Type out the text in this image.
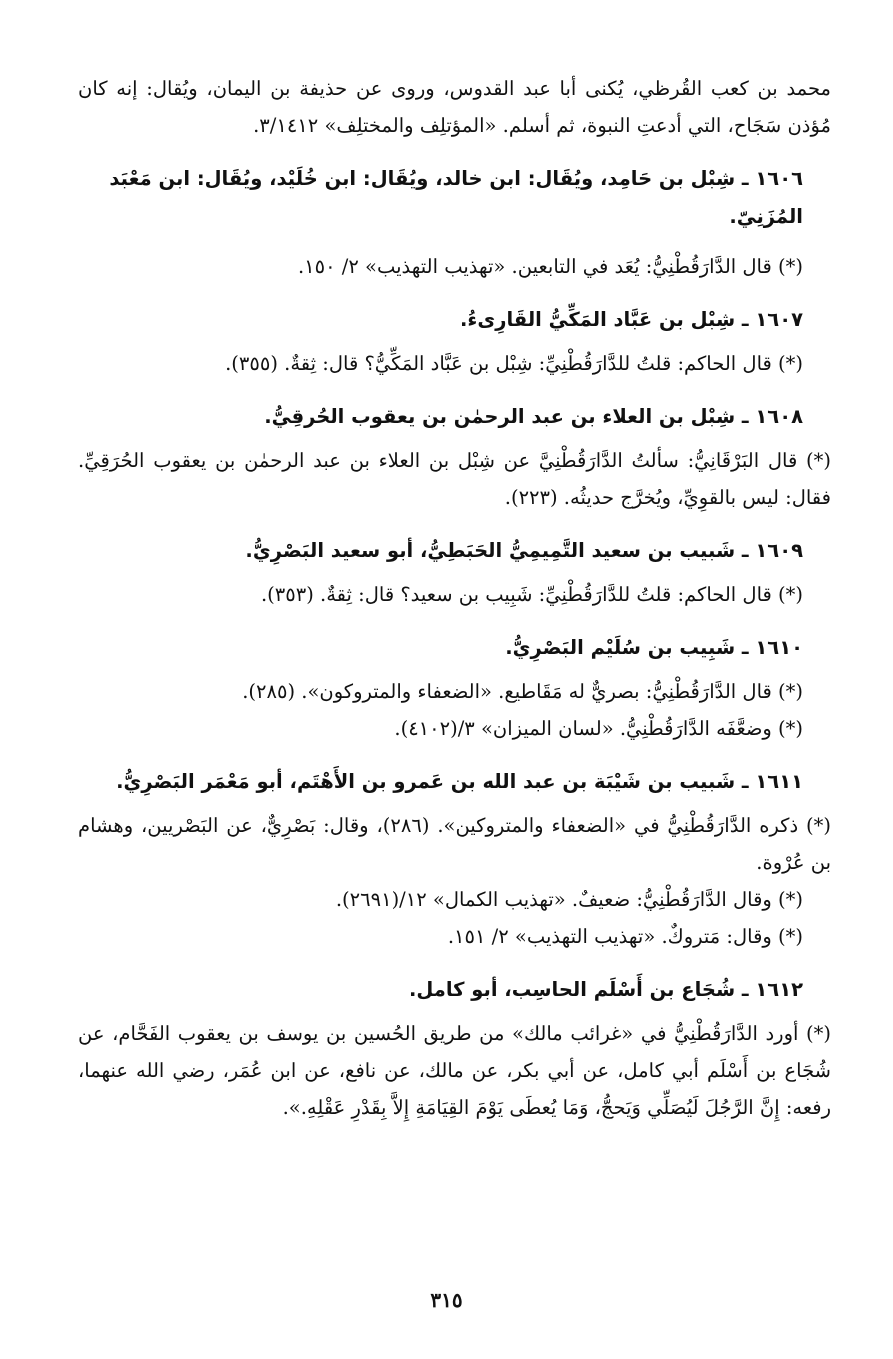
محمد بن كعب القُرظي، يُكنى أبا عبد القدوس، وروى عن حذيفة بن اليمان، ويُقال: إنه كان مُؤذن سَجَاح، التي أدعتِ النبوة، ثم أسلم. «المؤتلِف والمختلِف» ٣/١٤١٢.
١٦٠٦ ـ شِبْل بن حَامِد، ويُقَال: ابن خالد، ويُقَال: ابن خُلَيْد، ويُقَال: ابن مَعْبَد المُزَنِيّ.
(*) قال الدَّارَقُطْنِيُّ: يُعَد في التابعين. «تهذيب التهذيب» ٢/ ١٥٠.
١٦٠٧ ـ شِبْل بن عَبَّاد المَكِّيُّ القَارِىءُ.
(*) قال الحاكم: قلتُ للدَّارَقُطْنِيِّ: شِبْل بن عَبَّاد المَكِّيُّ؟ قال: ثِقةٌ. (٣٥٥).
١٦٠٨ ـ شِبْل بن العلاء بن عبد الرحمٰن بن يعقوب الحُرقِيُّ.
(*) قال البَرْقَانِيُّ: سألتُ الدَّارَقُطْنِيَّ عن شِبْل بن العلاء بن عبد الرحمٰن بن يعقوب الحُرَقِيِّ. فقال: ليس بالقوِيِّ، ويُخرَّج حديثُه. (٢٢٣).
١٦٠٩ ـ شَبيب بن سعيد التَّمِيمِيُّ الحَبَطِيُّ، أبو سعيد البَصْرِيُّ.
(*) قال الحاكم: قلتُ للدَّارَقُطْنِيِّ: شَبِيب بن سعيد؟ قال: ثِقةٌ. (٣٥٣).
١٦١٠ ـ شَبِيب بن سُلَيْم البَصْرِيُّ.
(*) قال الدَّارَقُطْنِيُّ: بصريٌّ له مَقَاطيع. «الضعفاء والمتروكون». (٢٨٥).
(*) وضعَّفَه الدَّارَقُطْنِيُّ. «لسان الميزان» ٣/(٤١٠٢).
١٦١١ ـ شَبيب بن شَيْبَة بن عبد الله بن عَمرو بن الأَهْتَم، أبو مَعْمَر البَصْرِيُّ.
(*) ذكره الدَّارَقُطْنِيُّ في «الضعفاء والمتروكين». (٢٨٦)، وقال: بَصْرِيٌّ، عن البَصْريين، وهشام بن عُرْوة.
(*) وقال الدَّارَقُطْنِيُّ: ضعيفٌ. «تهذيب الكمال» ١٢/(٢٦٩١).
(*) وقال: مَتروكٌ. «تهذيب التهذيب» ٢/ ١٥١.
١٦١٢ ـ شُجَاع بن أَسْلَم الحاسِب، أبو كامل.
(*) أورد الدَّارَقُطْنِيُّ في «غرائب مالك» من طريق الحُسين بن يوسف بن يعقوب الفَحَّام، عن شُجَاع بن أَسْلَم أبي كامل، عن أبي بكر، عن مالك، عن نافع، عن ابن عُمَر، رضي الله عنهما، رفعه: إِنَّ الرَّجُلَ لَيُصَلِّي وَيَحجُّ، وَمَا يُعطَى يَوْمَ القِيَامَةِ إِلاَّ بِقَدْرِ عَقْلِهِ.».
٣١٥
